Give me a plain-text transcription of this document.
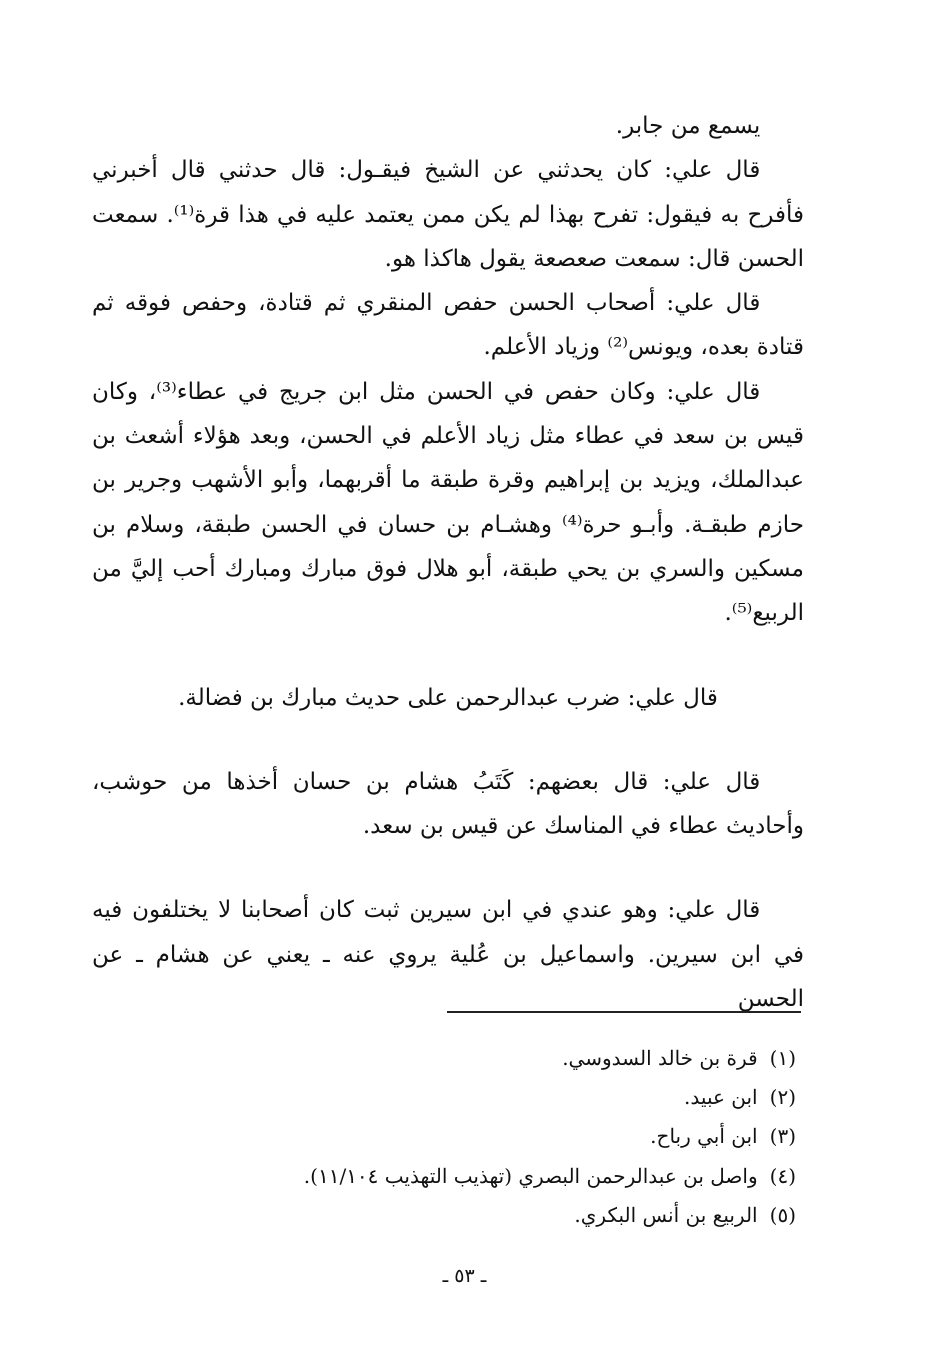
يسمع من جابر.

قال علي: كان يحدثني عن الشيخ فيقـول: قال حدثني قال أخبرني فأفرح به فيقول: تفرح بهذا لم يكن ممن يعتمد عليه في هذا قرة⁽¹⁾. سمعت الحسن قال: سمعت صعصعة يقول هاكذا هو.

قال علي: أصحاب الحسن حفص المنقري ثم قتادة، وحفص فوقه ثم قتادة بعده، ويونس⁽²⁾ وزياد الأعلم.

قال علي: وكان حفص في الحسن مثل ابن جريج في عطاء⁽³⁾، وكان قيس بن سعد في عطاء مثل زياد الأعلم في الحسن، وبعد هؤلاء أشعث بن عبدالملك، ويزيد بن إبراهيم وقرة طبقة ما أقربهما، وأبو الأشهب وجرير بن حازم طبقـة. وأبـو حرة⁽⁴⁾ وهشـام بن حسان في الحسن طبقة، وسلام بن مسكين والسري بن يحي طبقة، أبو هلال فوق مبارك ومبارك أحب إليَّ من الربيع⁽⁵⁾.

قال علي: ضرب عبدالرحمن على حديث مبارك بن فضالة.

قال علي: قال بعضهم: كَتَبُ هشام بن حسان أخذها من حوشب، وأحاديث عطاء في المناسك عن قيس بن سعد.

قال علي: وهو عندي في ابن سيرين ثبت كان أصحابنا لا يختلفون فيه في ابن سيرين. واسماعيل بن عُلية يروي عنه ـ يعني عن هشام ـ عن الحسن

(١)قرة بن خالد السدوسي.

(٢)ابن عبيد.

(٣)ابن أبي رباح.

(٤)واصل بن عبدالرحمن البصري (تهذيب التهذيب ١١/١٠٤).

(٥)الربيع بن أنس البكري.

ـ ٥٣ ـ
